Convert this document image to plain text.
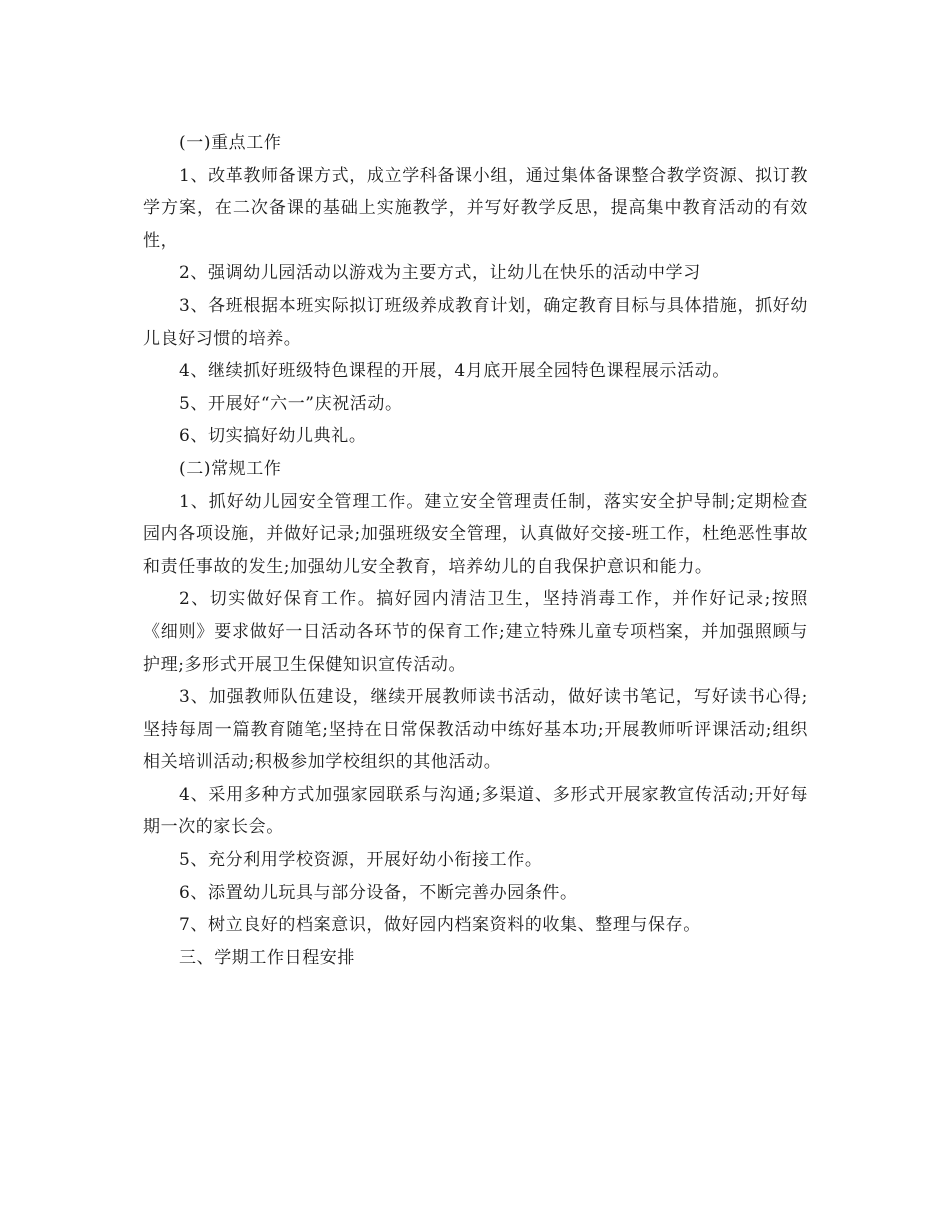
(一)重点工作

1、改革教师备课方式，成立学科备课小组，通过集体备课整合教学资源、拟订教学方案，在二次备课的基础上实施教学，并写好教学反思，提高集中教育活动的有效性，

2、强调幼儿园活动以游戏为主要方式，让幼儿在快乐的活动中学习

3、各班根据本班实际拟订班级养成教育计划，确定教育目标与具体措施，抓好幼儿良好习惯的培养。

4、继续抓好班级特色课程的开展，4月底开展全园特色课程展示活动。

5、开展好“六一”庆祝活动。

6、切实搞好幼儿典礼。

(二)常规工作

1、抓好幼儿园安全管理工作。建立安全管理责任制，落实安全护导制;定期检查园内各项设施，并做好记录;加强班级安全管理，认真做好交接-班工作，杜绝恶性事故和责任事故的发生;加强幼儿安全教育，培养幼儿的自我保护意识和能力。

2、切实做好保育工作。搞好园内清洁卫生，坚持消毒工作，并作好记录;按照《细则》要求做好一日活动各环节的保育工作;建立特殊儿童专项档案，并加强照顾与护理;多形式开展卫生保健知识宣传活动。

3、加强教师队伍建设，继续开展教师读书活动，做好读书笔记，写好读书心得;坚持每周一篇教育随笔;坚持在日常保教活动中练好基本功;开展教师听评课活动;组织相关培训活动;积极参加学校组织的其他活动。

4、采用多种方式加强家园联系与沟通;多渠道、多形式开展家教宣传活动;开好每期一次的家长会。

5、充分利用学校资源，开展好幼小衔接工作。

6、添置幼儿玩具与部分设备，不断完善办园条件。

7、树立良好的档案意识，做好园内档案资料的收集、整理与保存。

三、学期工作日程安排
